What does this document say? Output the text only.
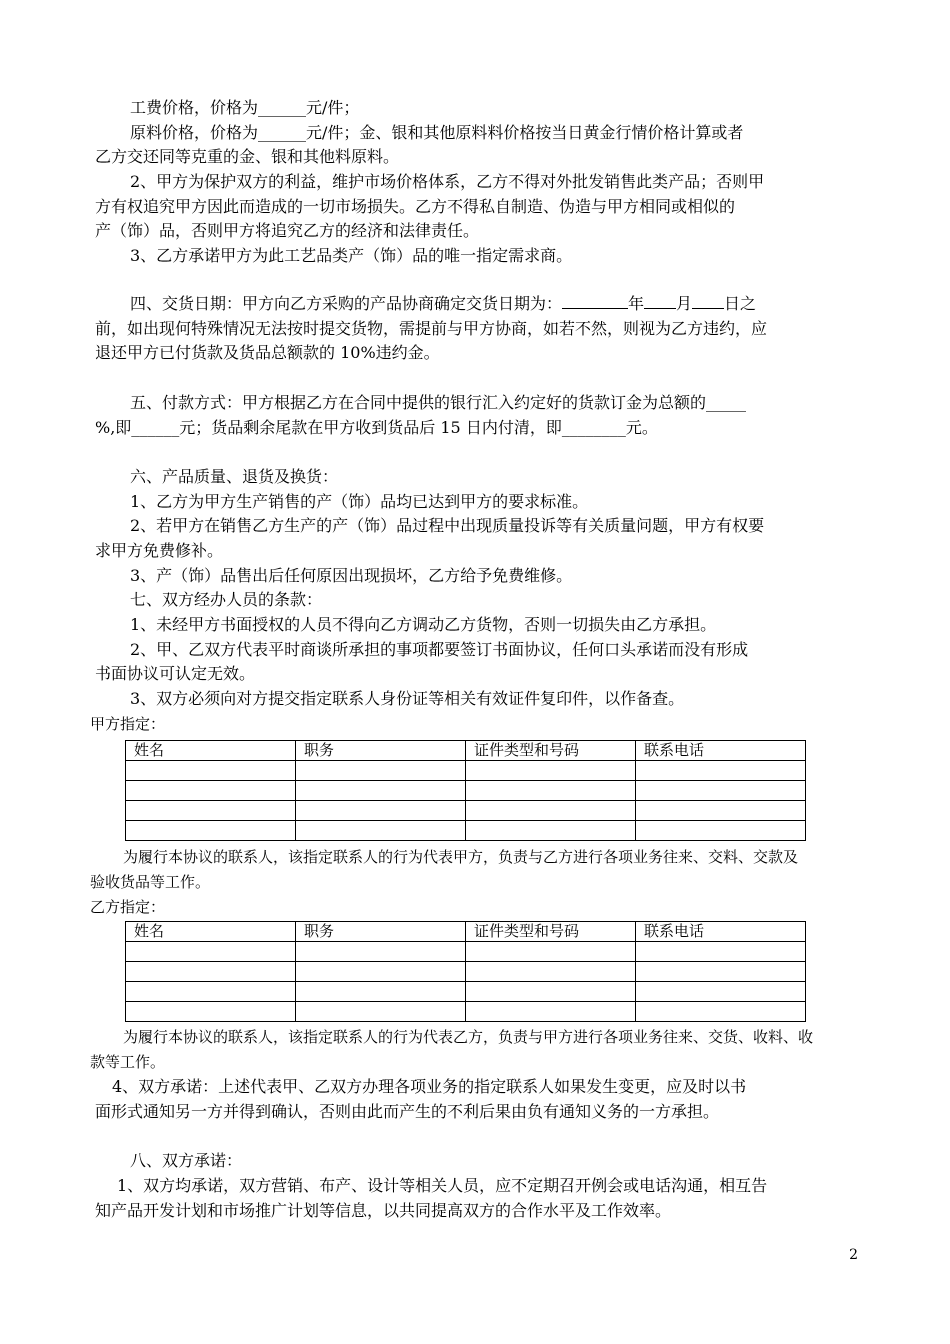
工费价格，价格为______元/件；
原料价格，价格为______元/件；金、银和其他原料料价格按当日黄金行情价格计算或者
乙方交还同等克重的金、银和其他料原料。
2、甲方为保护双方的利益，维护市场价格体系，乙方不得对外批发销售此类产品；否则甲
方有权追究甲方因此而造成的一切市场损失。乙方不得私自制造、伪造与甲方相同或相似的
产（饰）品，否则甲方将追究乙方的经济和法律责任。
3、乙方承诺甲方为此工艺品类产（饰）品的唯一指定需求商。
四、交货日期：甲方向乙方采购的产品协商确定交货日期为：	年 月 日之
前，如出现何特殊情况无法按时提交货物，需提前与甲方协商，如若不然，则视为乙方违约，应
退还甲方已付货款及货品总额款的 10%违约金。
五、付款方式：甲方根据乙方在合同中提供的银行汇入约定好的货款订金为总额的_____
%,即______元；货品剩余尾款在甲方收到货品后 15 日内付清，即________元。
六、产品质量、退货及换货：
1、乙方为甲方生产销售的产（饰）品均已达到甲方的要求标准。
2、若甲方在销售乙方生产的产（饰）品过程中出现质量投诉等有关质量问题，甲方有权要
求甲方免费修补。
3、产（饰）品售出后任何原因出现损坏，乙方给予免费维修。
七、双方经办人员的条款：
1、未经甲方书面授权的人员不得向乙方调动乙方货物，否则一切损失由乙方承担。
2、甲、乙双方代表平时商谈所承担的事项都要签订书面协议，任何口头承诺而没有形成
书面协议可认定无效。
3、双方必须向对方提交指定联系人身份证等相关有效证件复印件，以作备查。
甲方指定：
姓名	职务	证件类型和号码	联系电话

为履行本协议的联系人，该指定联系人的行为代表甲方，负责与乙方进行各项业务往来、交料、交款及
验收货品等工作。
乙方指定：
姓名	职务	证件类型和号码	联系电话

为履行本协议的联系人，该指定联系人的行为代表乙方，负责与甲方进行各项业务往来、交货、收料、收
款等工作。
4、双方承诺：上述代表甲、乙双方办理各项业务的指定联系人如果发生变更，应及时以书
面形式通知另一方并得到确认，否则由此而产生的不利后果由负有通知义务的一方承担。
八、双方承诺：
1、双方均承诺，双方营销、布产、设计等相关人员，应不定期召开例会或电话沟通，相互告
知产品开发计划和市场推广计划等信息，以共同提高双方的合作水平及工作效率。
2
